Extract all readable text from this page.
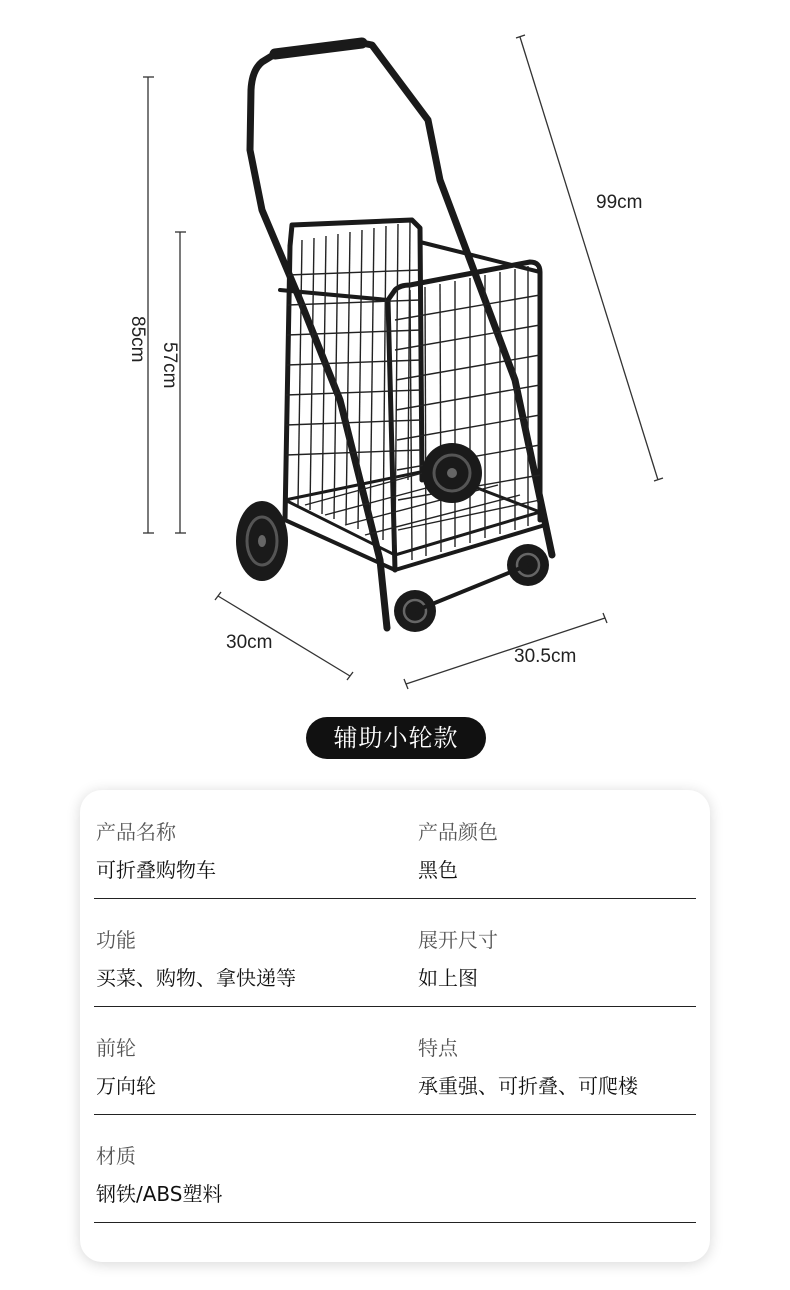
85cm
57cm
99cm
30cm
30.5cm
辅助小轮款
产品名称
可折叠购物车
产品颜色
黑色
功能
买菜、购物、拿快递等
展开尺寸
如上图
前轮
万向轮
特点
承重强、可折叠、可爬楼
材质
钢铁/ABS塑料
